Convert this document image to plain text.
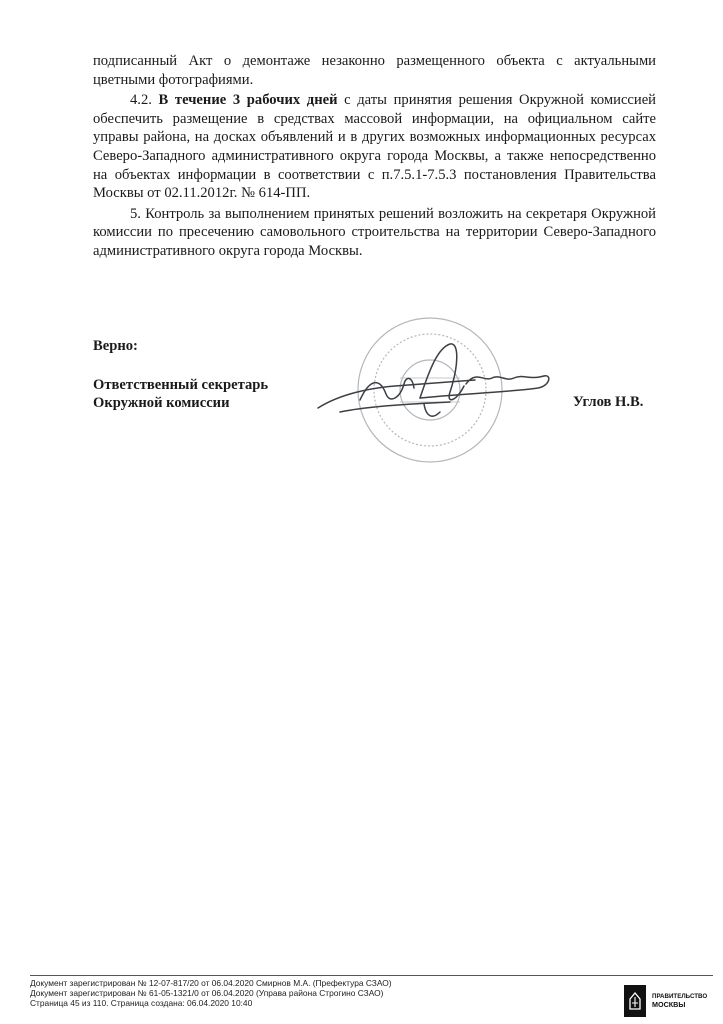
подписанный Акт о демонтаже незаконно размещенного объекта с актуальными цветными фотографиями.

4.2. В течение 3 рабочих дней с даты принятия решения Окружной комиссией обеспечить размещение в средствах массовой информации, на официальном сайте управы района, на досках объявлений и в других возможных информационных ресурсах Северо-Западного административного округа города Москвы, а также непосредственно на объектах информации в соответствии с п.7.5.1-7.5.3 постановления Правительства Москвы от 02.11.2012г. № 614-ПП.

5. Контроль за выполнением принятых решений возложить на секретаря Окружной комиссии по пресечению самовольного строительства на территории Северо-Западного административного округа города Москвы.

Верно:
Ответственный секретарь
Окружной комиссии	Углов Н.В.
Документ зарегистрирован № 12-07-817/20 от 06.04.2020 Смирнов М.А. (Префектура СЗАО)
Документ зарегистрирован № 61-05-1321/0 от 06.04.2020 (Управа района Строгино СЗАО)
Страница 45 из 110. Страница создана: 06.04.2020 10:40
ПРАВИТЕЛЬСТВО
МОСКВЫ
